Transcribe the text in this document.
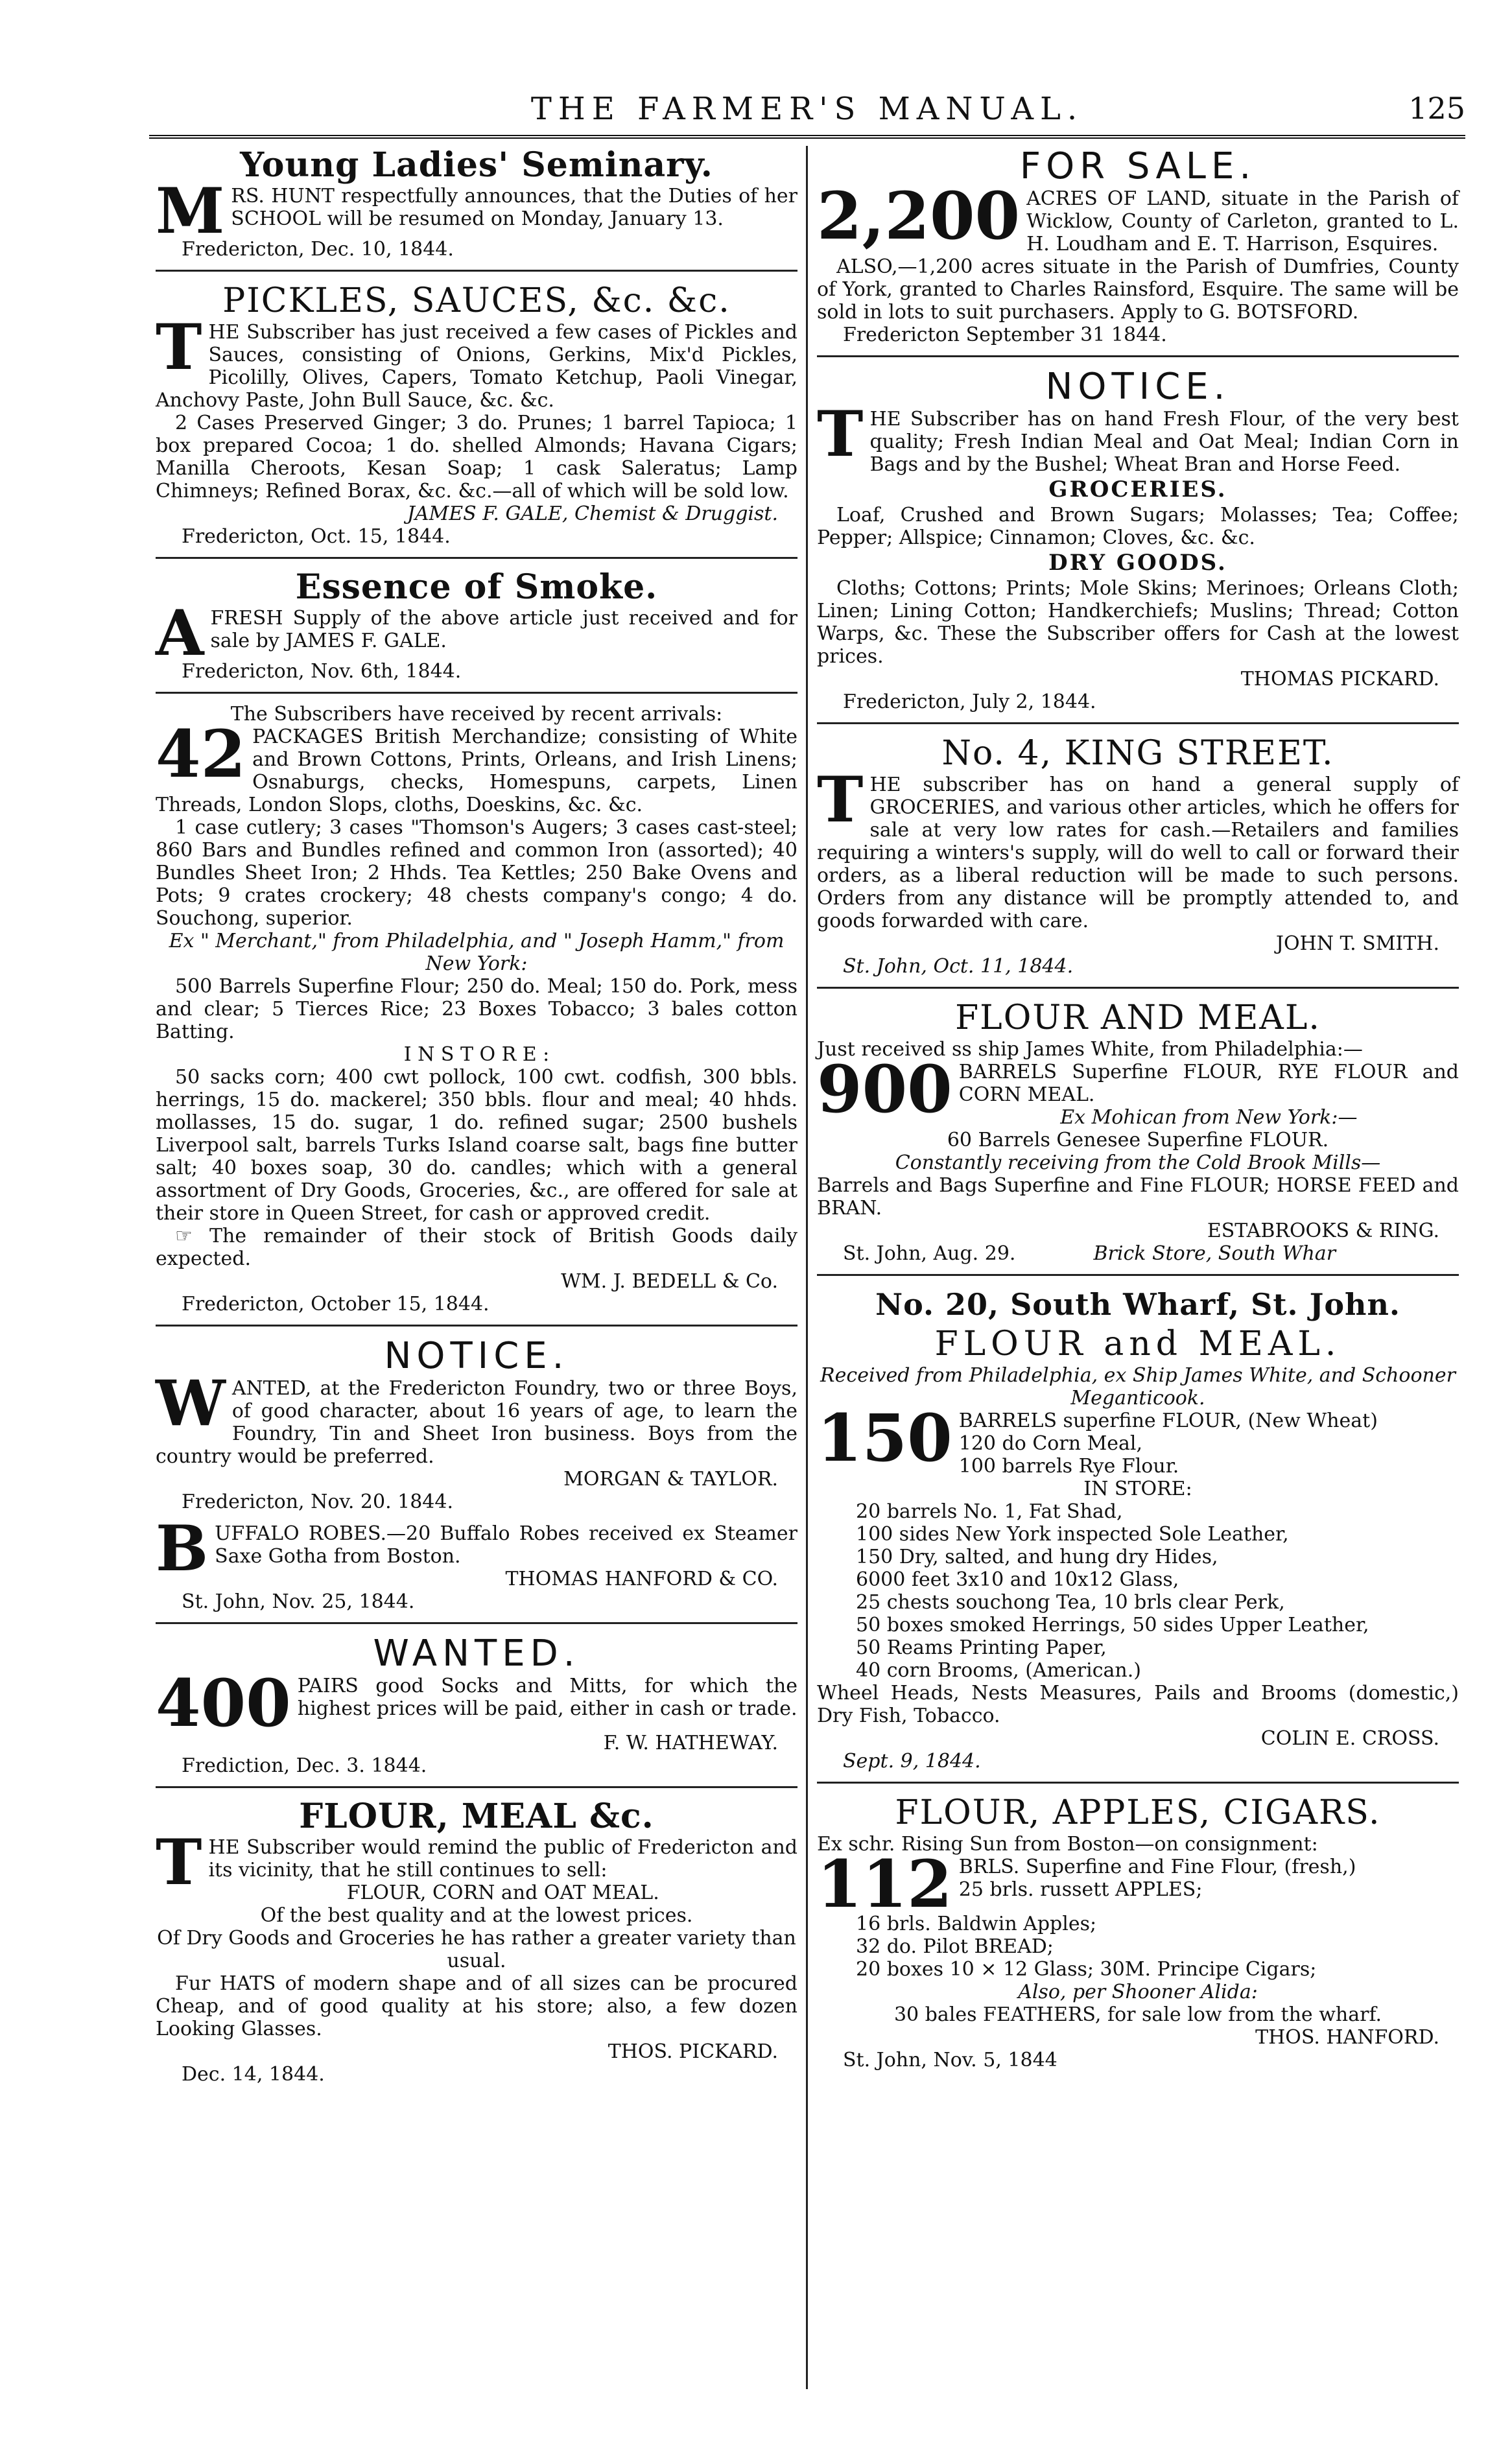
THE FARMER'S MANUAL.	125
Young Ladies' Seminary.

MRS. HUNT respectfully announces, that the Duties of her SCHOOL will be resumed on Monday, January 13.

Fredericton, Dec. 10, 1844.

PICKLES, SAUCES, &c. &c.

THE Subscriber has just received a few cases of Pickles and Sauces, consisting of Onions, Gerkins, Mix'd Pickles, Picolilly, Olives, Capers, Tomato Ketchup, Paoli Vinegar, Anchovy Paste, John Bull Sauce, &c. &c.

2 Cases Preserved Ginger; 3 do. Prunes; 1 barrel Tapioca; 1 box prepared Cocoa; 1 do. shelled Almonds; Havana Cigars; Manilla Cheroots, Kesan Soap; 1 cask Saleratus; Lamp Chimneys; Refined Borax, &c. &c.—all of which will be sold low.

JAMES F. GALE, Chemist & Druggist.

Fredericton, Oct. 15, 1844.

Essence of Smoke.

AFRESH Supply of the above article just received and for sale by JAMES F. GALE.

Fredericton, Nov. 6th, 1844.

The Subscribers have received by recent arrivals:

42 PACKAGES British Merchandize; consisting of White and Brown Cottons, Prints, Orleans, and Irish Linens; Osnaburgs, checks, Homespuns, carpets, Linen Threads, London Slops, cloths, Doeskins, &c. &c.

1 case cutlery; 3 cases "Thomson's Augers; 3 cases cast-steel; 860 Bars and Bundles refined and common Iron (assorted); 40 Bundles Sheet Iron; 2 Hhds. Tea Kettles; 250 Bake Ovens and Pots; 9 crates crockery; 48 chests company's congo; 4 do. Souchong, superior.

Ex " Merchant," from Philadelphia, and " Joseph Hamm," from New York:

500 Barrels Superfine Flour; 250 do. Meal; 150 do. Pork, mess and clear; 5 Tierces Rice; 23 Boxes Tobacco; 3 bales cotton Batting.

I N S T O R E :

50 sacks corn; 400 cwt pollock, 100 cwt. codfish, 300 bbls. herrings, 15 do. mackerel; 350 bbls. flour and meal; 40 hhds. mollasses, 15 do. sugar, 1 do. refined sugar; 2500 bushels Liverpool salt, barrels Turks Island coarse salt, bags fine butter salt; 40 boxes soap, 30 do. candles; which with a general assortment of Dry Goods, Groceries, &c., are offered for sale at their store in Queen Street, for cash or approved credit.

☞ The remainder of their stock of British Goods daily expected.

WM. J. BEDELL & Co.

Fredericton, October 15, 1844.

NOTICE.

WANTED, at the Fredericton Foundry, two or three Boys, of good character, about 16 years of age, to learn the Foundry, Tin and Sheet Iron business. Boys from the country would be preferred.

MORGAN & TAYLOR.

Fredericton, Nov. 20. 1844.

BUFFALO ROBES.—20 Buffalo Robes received ex Steamer Saxe Gotha from Boston.

THOMAS HANFORD & CO.

St. John, Nov. 25, 1844.

WANTED.

400 PAIRS good Socks and Mitts, for which the highest prices will be paid, either in cash or trade.

F. W. HATHEWAY.

Frediction, Dec. 3. 1844.

FLOUR, MEAL &c.

THE Subscriber would remind the public of Fredericton and its vicinity, that he still continues to sell:

FLOUR, CORN and OAT MEAL.

Of the best quality and at the lowest prices.

Of Dry Goods and Groceries he has rather a greater variety than usual.

Fur HATS of modern shape and of all sizes can be procured Cheap, and of good quality at his store; also, a few dozen Looking Glasses.

THOS. PICKARD.

Dec. 14, 1844.

FOR SALE.

2,200 ACRES OF LAND, situate in the Parish of Wicklow, County of Carleton, granted to L. H. Loudham and E. T. Harrison, Esquires.

ALSO,—1,200 acres situate in the Parish of Dumfries, County of York, granted to Charles Rainsford, Esquire. The same will be sold in lots to suit purchasers. Apply to G. BOTSFORD.

Fredericton September 31 1844.

NOTICE.

THE Subscriber has on hand Fresh Flour, of the very best quality; Fresh Indian Meal and Oat Meal; Indian Corn in Bags and by the Bushel; Wheat Bran and Horse Feed.

GROCERIES.

Loaf, Crushed and Brown Sugars; Molasses; Tea; Coffee; Pepper; Allspice; Cinnamon; Cloves, &c. &c.

DRY GOODS.

Cloths; Cottons; Prints; Mole Skins; Merinoes; Orleans Cloth; Linen; Lining Cotton; Handkerchiefs; Muslins; Thread; Cotton Warps, &c. These the Subscriber offers for Cash at the lowest prices.

THOMAS PICKARD.

Fredericton, July 2, 1844.

No. 4, KING STREET.

THE subscriber has on hand a general supply of GROCERIES, and various other articles, which he offers for sale at very low rates for cash.—Retailers and families requiring a winters's supply, will do well to call or forward their orders, as a liberal reduction will be made to such persons. Orders from any distance will be promptly attended to, and goods forwarded with care.

JOHN T. SMITH.

St. John, Oct. 11, 1844.

FLOUR AND MEAL.

Just received ss ship James White, from Philadelphia:—

900 BARRELS Superfine FLOUR, RYE FLOUR and CORN MEAL.

Ex Mohican from New York:—

60 Barrels Genesee Superfine FLOUR.

Constantly receiving from the Cold Brook Mills—

Barrels and Bags Superfine and Fine FLOUR; HORSE FEED and BRAN.

ESTABROOKS & RING.

St. John, Aug. 29.	Brick Store, South Whar

No. 20, South Wharf, St. John.
FLOUR and MEAL.

Received from Philadelphia, ex Ship James White, and Schooner Meganticook.

150 BARRELS superfine FLOUR, (New Wheat)

120 do Corn Meal,

100 barrels Rye Flour.

IN STORE:

20 barrels No. 1, Fat Shad,
100 sides New York inspected Sole Leather,
150 Dry, salted, and hung dry Hides,
6000 feet 3x10 and 10x12 Glass,
25 chests souchong Tea, 10 brls clear Perk,
50 boxes smoked Herrings, 50 sides Upper Leather,
50 Reams Printing Paper,
40 corn Brooms, (American.)

Wheel Heads, Nests Measures, Pails and Brooms (domestic,) Dry Fish, Tobacco.

COLIN E. CROSS.

Sept. 9, 1844.

FLOUR, APPLES, CIGARS.

Ex schr. Rising Sun from Boston—on consignment:

112 BRLS. Superfine and Fine Flour, (fresh,)

25 brls. russett APPLES;

16 brls. Baldwin Apples;
32 do. Pilot BREAD;
20 boxes 10 × 12 Glass; 30M. Principe Cigars;

Also, per Shooner Alida:

30 bales FEATHERS, for sale low from the wharf.

THOS. HANFORD.

St. John, Nov. 5, 1844
